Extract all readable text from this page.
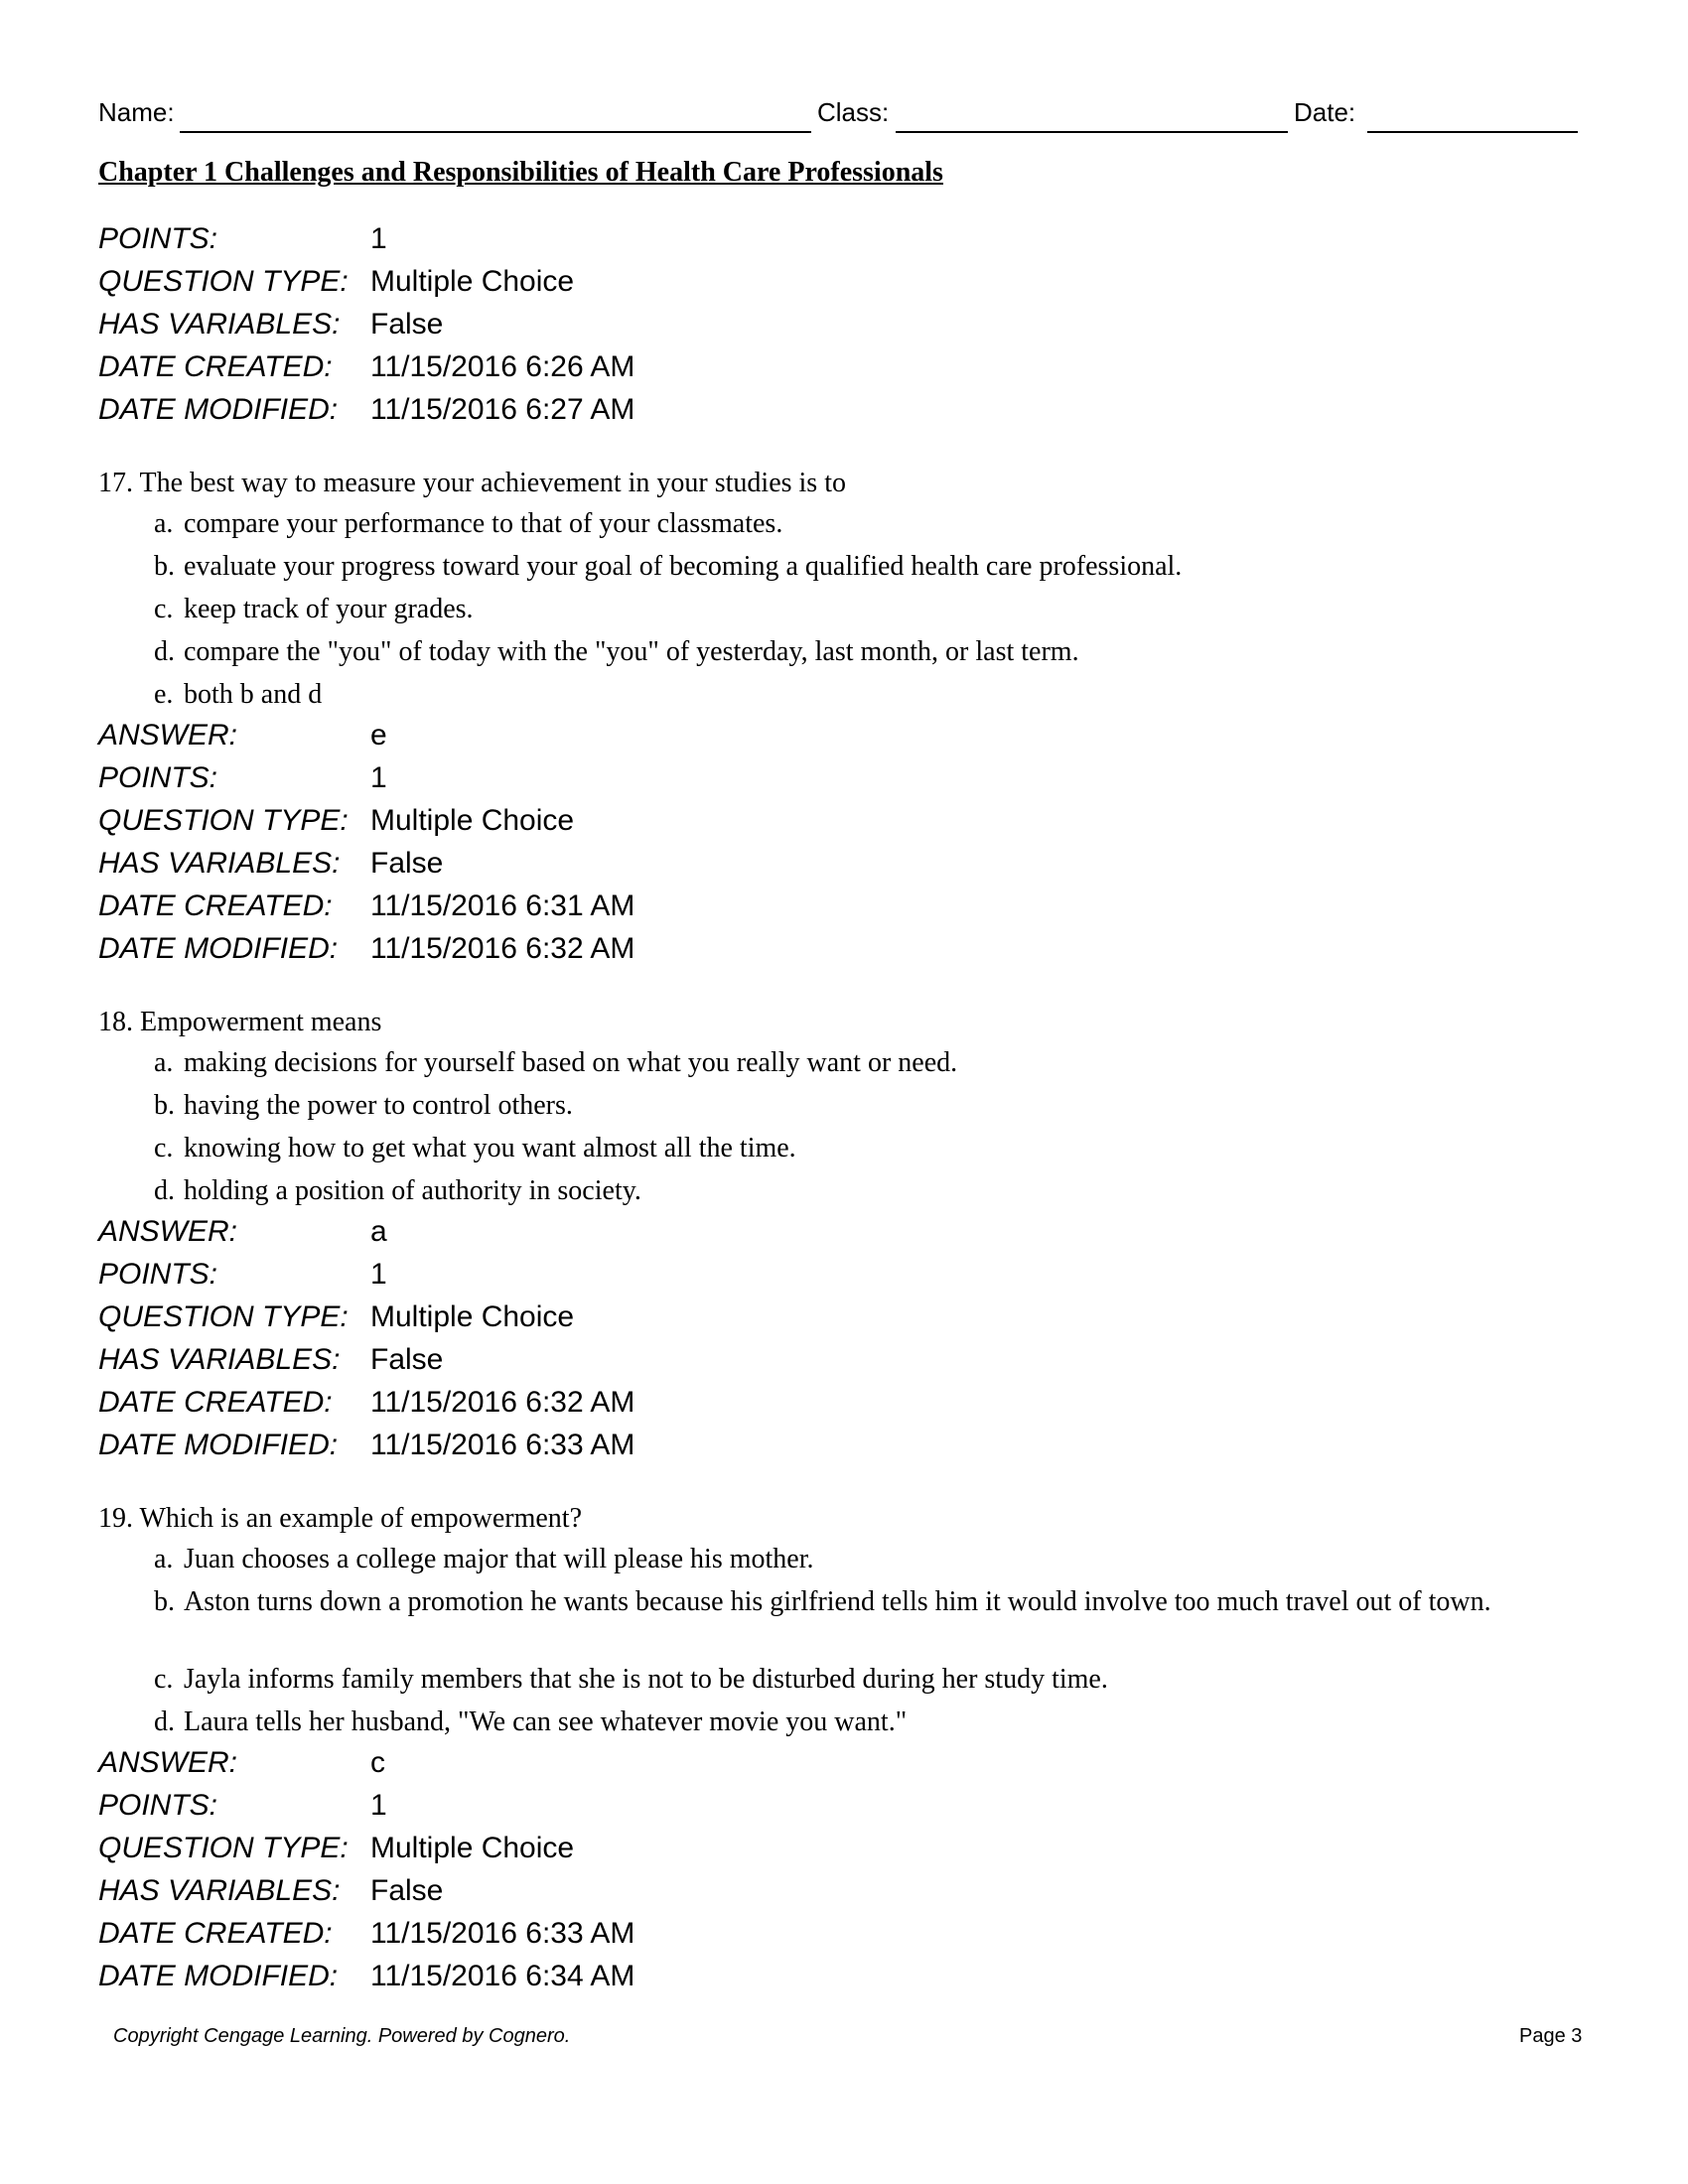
Name:	Class:	Date:
Chapter 1 Challenges and Responsibilities of Health Care Professionals
POINTS:	1
QUESTION TYPE: Multiple Choice
HAS VARIABLES: False
DATE CREATED: 11/15/2016 6:26 AM
DATE MODIFIED: 11/15/2016 6:27 AM
17. The best way to measure your achievement in your studies is to
a. compare your performance to that of your classmates.
b. evaluate your progress toward your goal of becoming a qualified health care professional.
c. keep track of your grades.
d. compare the "you" of today with the "you" of yesterday, last month, or last term.
e. both b and d
ANSWER:	e
POINTS:	1
QUESTION TYPE: Multiple Choice
HAS VARIABLES: False
DATE CREATED: 11/15/2016 6:31 AM
DATE MODIFIED: 11/15/2016 6:32 AM
18. Empowerment means
a. making decisions for yourself based on what you really want or need.
b. having the power to control others.
c. knowing how to get what you want almost all the time.
d. holding a position of authority in society.
ANSWER:	a
POINTS:	1
QUESTION TYPE: Multiple Choice
HAS VARIABLES: False
DATE CREATED: 11/15/2016 6:32 AM
DATE MODIFIED: 11/15/2016 6:33 AM
19. Which is an example of empowerment?
a. Juan chooses a college major that will please his mother.
b. Aston turns down a promotion he wants because his girlfriend tells him it would involve too much travel out of town.
c. Jayla informs family members that she is not to be disturbed during her study time.
d. Laura tells her husband, "We can see whatever movie you want."
ANSWER:	c
POINTS:	1
QUESTION TYPE: Multiple Choice
HAS VARIABLES: False
DATE CREATED: 11/15/2016 6:33 AM
DATE MODIFIED: 11/15/2016 6:34 AM
Copyright Cengage Learning. Powered by Cognero.	Page 3
